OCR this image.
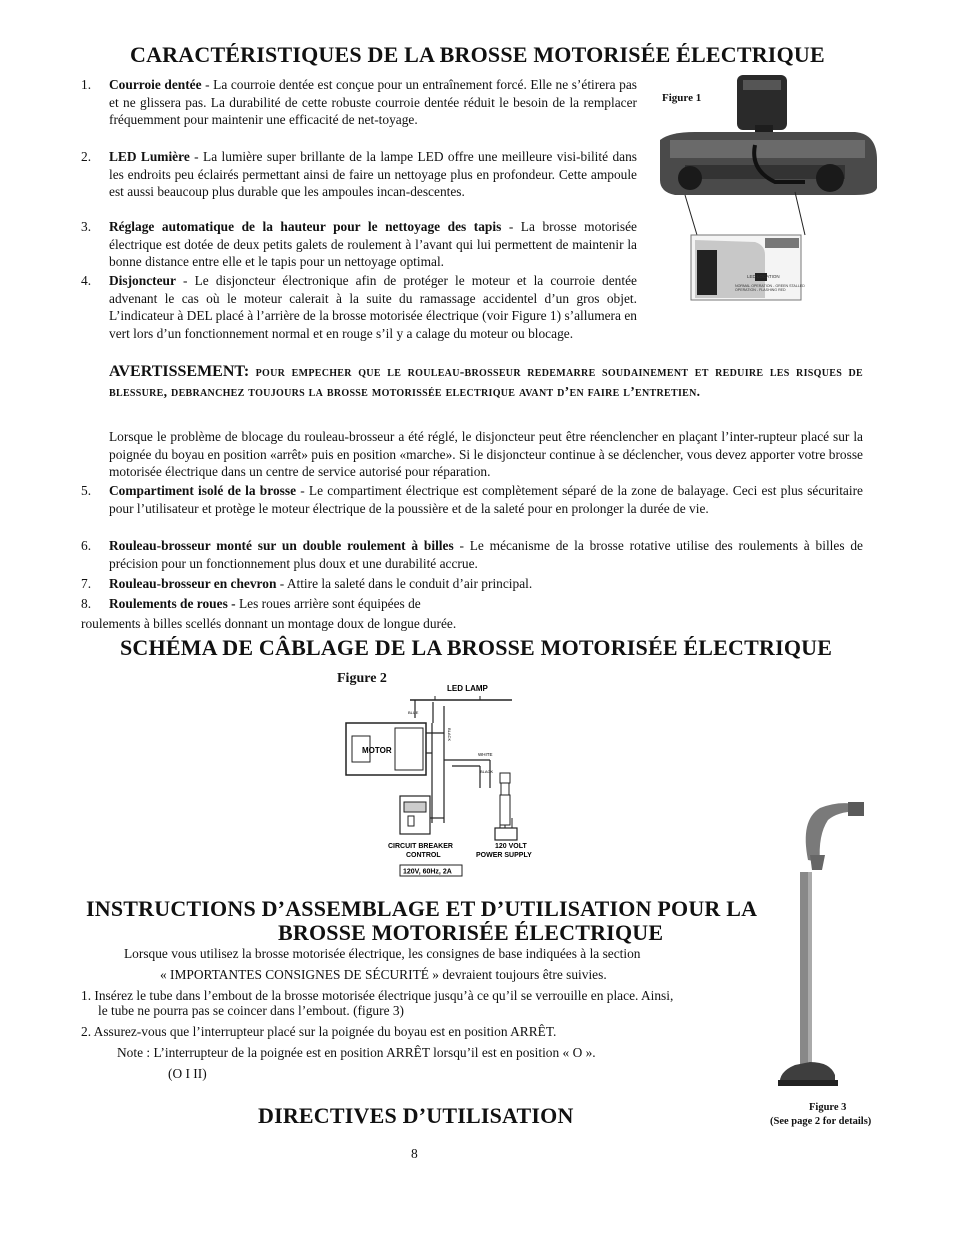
CARACTÉRISTIQUES DE LA BROSSE MOTORISÉE ÉLECTRIQUE
1.	Courroie dentée - La courroie dentée est conçue pour un entraînement forcé. Elle ne s’étirera pas et ne glissera pas. La durabilité de cette robuste courroie dentée réduit le besoin de la remplacer fréquemment pour maintenir une efficacité de net-toyage.
2.	LED Lumière - La lumière super brillante de la lampe LED offre une meilleure visi-bilité dans les endroits peu éclairés permettant ainsi de faire un nettoyage plus en profondeur. Cette ampoule est aussi beaucoup plus durable que les ampoules incan-descentes.
3.	Réglage automatique de la hauteur pour le nettoyage des tapis - La brosse motorisée électrique est dotée de deux petits galets de roulement à l’avant qui lui permettent de maintenir la bonne distance entre elle et le tapis pour un nettoyage optimal.
4.	Disjoncteur - Le disjoncteur électronique afin de protéger le moteur et la courroie dentée advenant le cas où le moteur calerait à la suite du ramassage accidentel d’un gros objet. L’indicateur à DEL placé à l’arrière de la brosse motorisée électrique (voir Figure 1) s’allumera en vert lors d’un fonctionnement normal et en rouge s’il y a calage du moteur ou blocage.
Figure 1
LED LOCATION
NORMAL OPERATION - GREEN STALLED OPERATION - FLASHING RED
AVERTISSEMENT: pour empecher que le rouleau-brosseur redemarre soudainement et reduire les risques de blessure, debranchez toujours la brosse motorissée electrique avant d’en faire l’entretien.
Lorsque le problème de blocage du rouleau-brosseur a été réglé, le disjoncteur peut être réenclencher en plaçant l’inter-rupteur placé sur la poignée du boyau en position «arrêt» puis en position «marche». Si le disjoncteur continue à se déclencher, vous devez apporter votre brosse motorisée électrique dans un centre de service autorisé pour réparation.
5.	Compartiment isolé de la brosse - Le compartiment électrique est complètement séparé de la zone de balayage. Ceci est plus sécuritaire pour l’utilisateur et protège le moteur électrique de la poussière et de la saleté pour en prolonger la durée de vie.
6.	Rouleau-brosseur monté sur un double roulement à billes - Le mécanisme de la brosse rotative utilise des roulements à billes de précision pour un fonctionnement plus doux et une durabilité accrue.
7.	Rouleau-brosseur en chevron - Attire la saleté dans le conduit d’air principal.
8.	Roulements de roues - Les roues arrière sont équipées de
roulements à billes scellés donnant un montage doux de longue durée.
SCHÉMA DE CÂBLAGE DE LA BROSSE MOTORISÉE ÉLECTRIQUE
Figure 2
LED LAMP
MOTOR
BLUE
BLACK
WHITE
BLACK
120 VOLT
POWER SUPPLY
CIRCUIT BREAKER
CONTROL
120V, 60Hz, 2A
INSTRUCTIONS D’ASSEMBLAGE ET D’UTILISATION POUR LA
BROSSE MOTORISÉE ÉLECTRIQUE
Lorsque vous utilisez la brosse motorisée électrique, les consignes de base indiquées à la section
« IMPORTANTES CONSIGNES DE SÉCURITÉ » devraient toujours être suivies.
1. Insérez le tube dans l’embout de la brosse motorisée électrique jusqu’à ce qu’il se verrouille en place. Ainsi,
le tube ne pourra pas se coincer dans l’embout. (figure 3)
2. Assurez-vous que l’interrupteur placé sur la poignée du boyau est en position ARRÊT.
Note : L’interrupteur de la poignée est en position ARRÊT lorsqu’il est en position « O ».
(O I II)
Figure 3
(See page 2 for details)
DIRECTIVES D’UTILISATION
8
